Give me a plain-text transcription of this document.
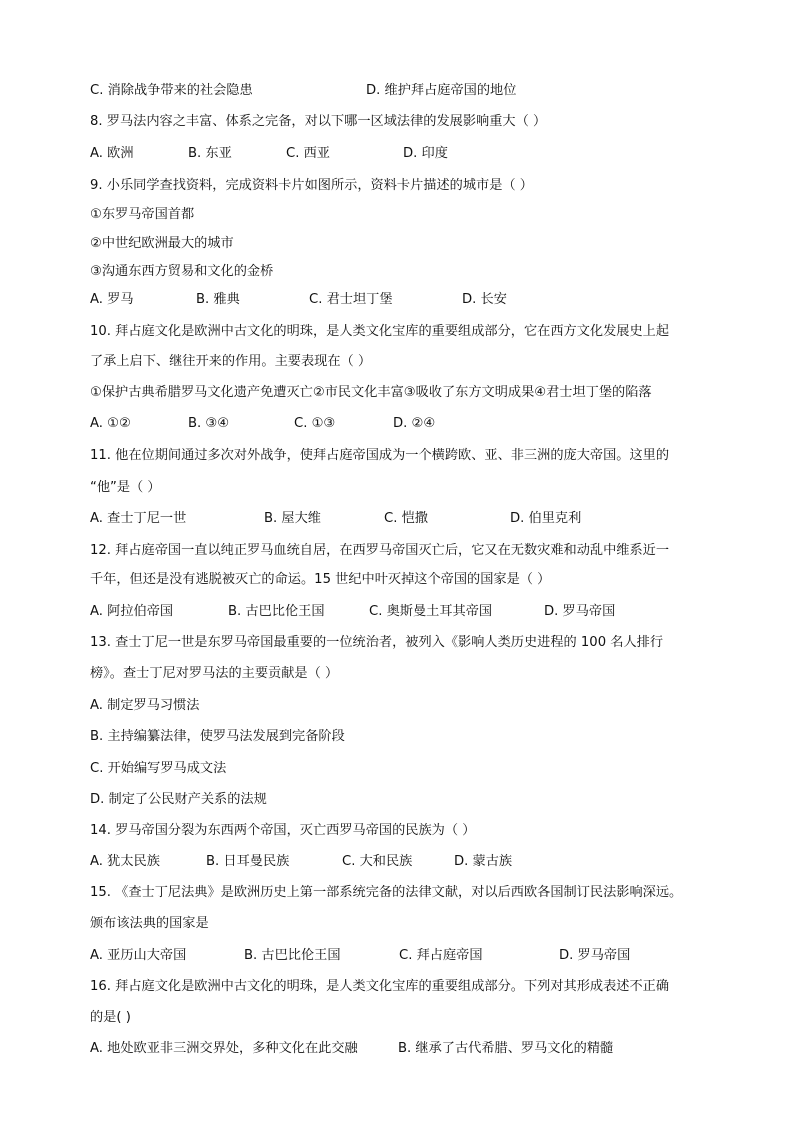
C. 消除战争带来的社会隐患	D. 维护拜占庭帝国的地位
8. 罗马法内容之丰富、体系之完备，对以下哪一区域法律的发展影响重大（ ）
A. 欧洲	B. 东亚	C. 西亚	D. 印度
9. 小乐同学查找资料，完成资料卡片如图所示，资料卡片描述的城市是（ ）
①东罗马帝国首都
②中世纪欧洲最大的城市
③沟通东西方贸易和文化的金桥
A. 罗马	B. 雅典	C. 君士坦丁堡	D. 长安
10. 拜占庭文化是欧洲中古文化的明珠，是人类文化宝库的重要组成部分，它在西方文化发展史上起
了承上启下、继往开来的作用。主要表现在（ ）
①保护古典希腊罗马文化遗产免遭灭亡②市民文化丰富③吸收了东方文明成果④君士坦丁堡的陷落
A. ①②	B. ③④	C. ①③	D. ②④
11. 他在位期间通过多次对外战争，使拜占庭帝国成为一个横跨欧、亚、非三洲的庞大帝国。这里的
“他”是（ ）
A. 查士丁尼一世	B. 屋大维	C. 恺撒	D. 伯里克利
12. 拜占庭帝国一直以纯正罗马血统自居，在西罗马帝国灭亡后，它又在无数灾难和动乱中维系近一
千年，但还是没有逃脱被灭亡的命运。15 世纪中叶灭掉这个帝国的国家是（ ）
A. 阿拉伯帝国	B. 古巴比伦王国	C. 奥斯曼土耳其帝国	D. 罗马帝国
13. 查士丁尼一世是东罗马帝国最重要的一位统治者，被列入《影响人类历史进程的 100 名人排行
榜》。查士丁尼对罗马法的主要贡献是（ ）
A. 制定罗马习惯法
B. 主持编纂法律，使罗马法发展到完备阶段
C. 开始编写罗马成文法
D. 制定了公民财产关系的法规
14. 罗马帝国分裂为东西两个帝国，灭亡西罗马帝国的民族为（ ）
A. 犹太民族	B. 日耳曼民族	C. 大和民族	D. 蒙古族
15. 《查士丁尼法典》是欧洲历史上第一部系统完备的法律文献，对以后西欧各国制订民法影响深远。
颁布该法典的国家是
A. 亚历山大帝国	B. 古巴比伦王国	C. 拜占庭帝国	D. 罗马帝国
16. 拜占庭文化是欧洲中古文化的明珠，是人类文化宝库的重要组成部分。下列对其形成表述不正确
的是( )
A. 地处欧亚非三洲交界处，多种文化在此交融	B. 继承了古代希腊、罗马文化的精髓
